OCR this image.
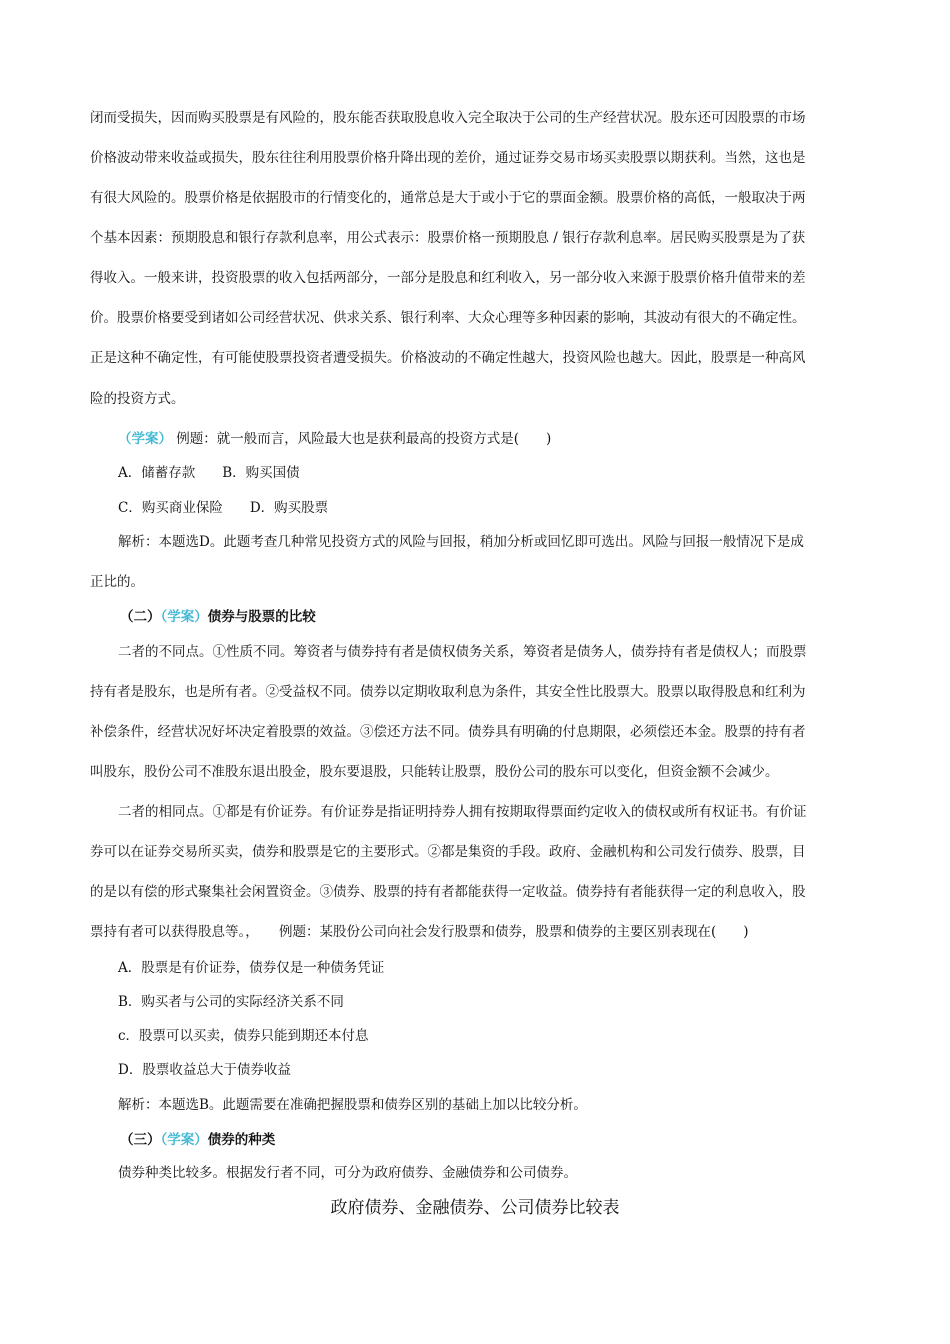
闭而受损失，因而购买股票是有风险的，股东能否获取股息收入完全取决于公司的生产经营状况。股东还可因股票的市场
价格波动带来收益或损失，股东往往利用股票价格升降出现的差价，通过证券交易市场买卖股票以期获利。当然，这也是
有很大风险的。股票价格是依据股市的行情变化的，通常总是大于或小于它的票面金额。股票价格的高低，一般取决于两
个基本因素：预期股息和银行存款利息率，用公式表示：股票价格一预期股息 / 银行存款利息率。居民购买股票是为了获
得收入。一般来讲，投资股票的收入包括两部分，一部分是股息和红利收入，另一部分收入来源于股票价格升值带来的差
价。股票价格要受到诸如公司经营状况、供求关系、银行利率、大众心理等多种因素的影响，其波动有很大的不确定性。
正是这种不确定性，有可能使股票投资者遭受损失。价格波动的不确定性越大，投资风险也越大。因此，股票是一种高风
险的投资方式。
（学案） 例题：就一般而言，风险最大也是获利最高的投资方式是(　　)
A．储蓄存款　　B．购买国债
C．购买商业保险　　D．购买股票
解析：本题选D。此题考查几种常见投资方式的风险与回报，稍加分析或回忆即可选出。风险与回报一般情况下是成
正比的。
（二）（学案）债券与股票的比较
二者的不同点。①性质不同。筹资者与债券持有者是债权债务关系，筹资者是债务人，债券持有者是债权人；而股票
持有者是股东，也是所有者。②受益权不同。债券以定期收取利息为条件，其安全性比股票大。股票以取得股息和红利为
补偿条件，经营状况好坏决定着股票的效益。③偿还方法不同。债券具有明确的付息期限，必须偿还本金。股票的持有者
叫股东，股份公司不准股东退出股金，股东要退股，只能转让股票，股份公司的股东可以变化，但资金额不会减少。
二者的相同点。①都是有价证券。有价证券是指证明持券人拥有按期取得票面约定收入的债权或所有权证书。有价证
券可以在证券交易所买卖，债券和股票是它的主要形式。②都是集资的手段。政府、金融机构和公司发行债券、股票，目
的是以有偿的形式聚集社会闲置资金。③债券、股票的持有者都能获得一定收益。债券持有者能获得一定的利息收入，股
票持有者可以获得股息等。，　　例题：某股份公司向社会发行股票和债券，股票和债券的主要区别表现在(　　)
A．股票是有价证券，债券仅是一种债务凭证
B．购买者与公司的实际经济关系不同
c．股票可以买卖，债券只能到期还本付息
D．股票收益总大于债券收益
解析：本题选B。此题需要在准确把握股票和债券区别的基础上加以比较分析。
（三）（学案）债券的种类
债券种类比较多。根据发行者不同，可分为政府债券、金融债券和公司债券。
政府债券、金融债券、公司债券比较表
